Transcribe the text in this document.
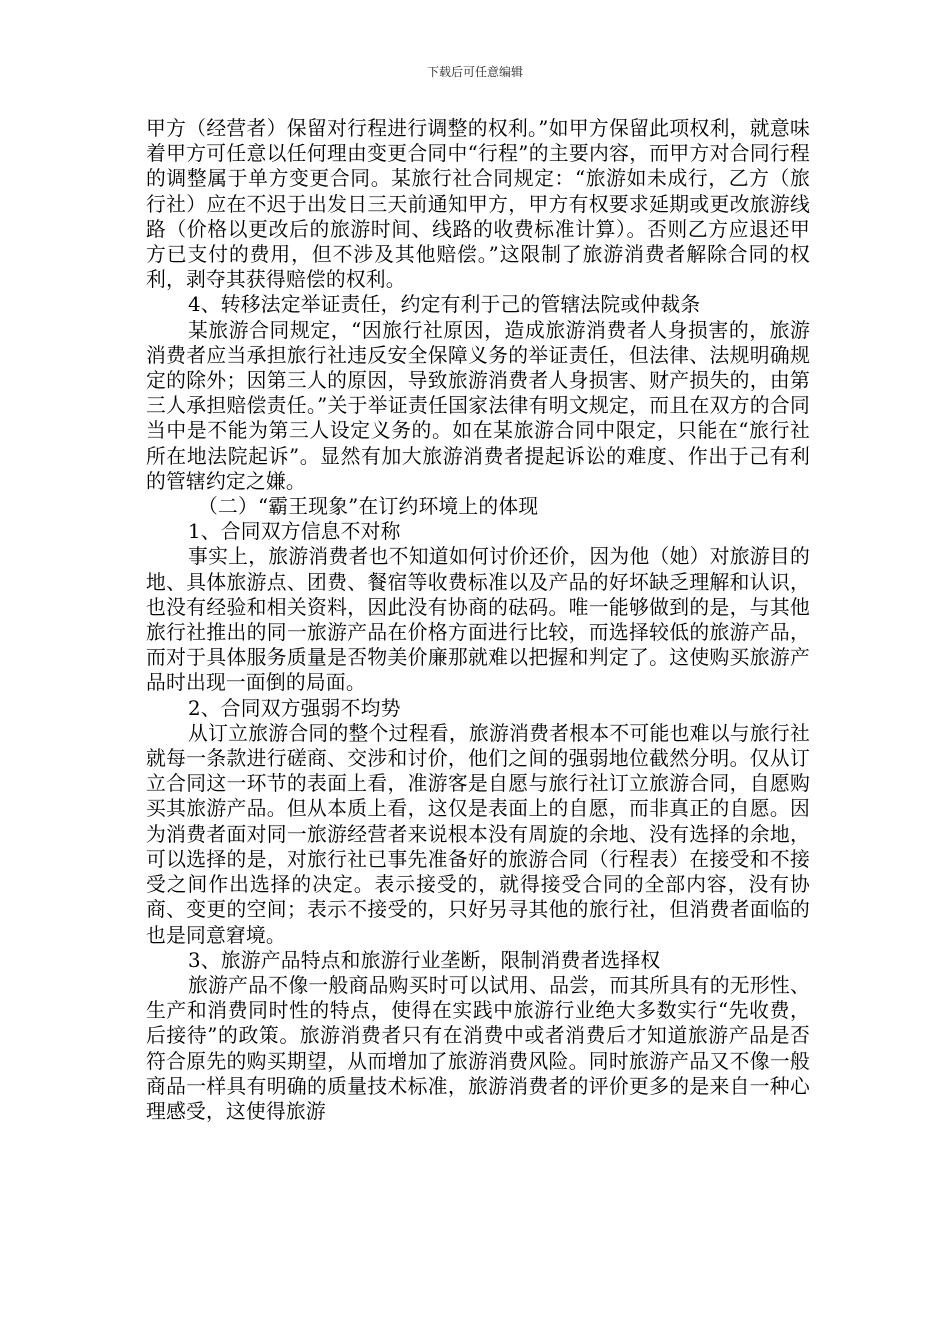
下载后可任意编辑

甲方（经营者）保留对行程进行调整的权利。”如甲方保留此项权利，就意味着甲方可任意以任何理由变更合同中“行程”的主要内容，而甲方对合同行程的调整属于单方变更合同。某旅行社合同规定：“旅游如未成行，乙方（旅行社）应在不迟于出发日三天前通知甲方，甲方有权要求延期或更改旅游线路（价格以更改后的旅游时间、线路的收费标准计算）。否则乙方应退还甲方已支付的费用，但不涉及其他赔偿。”这限制了旅游消费者解除合同的权利，剥夺其获得赔偿的权利。

4、转移法定举证责任，约定有利于己的管辖法院或仲裁条

某旅游合同规定，“因旅行社原因，造成旅游消费者人身损害的，旅游消费者应当承担旅行社违反安全保障义务的举证责任，但法律、法规明确规定的除外；因第三人的原因，导致旅游消费者人身损害、财产损失的，由第三人承担赔偿责任。”关于举证责任国家法律有明文规定，而且在双方的合同当中是不能为第三人设定义务的。如在某旅游合同中限定，只能在“旅行社所在地法院起诉”。显然有加大旅游消费者提起诉讼的难度、作出于己有利的管辖约定之嫌。

（二）“霸王现象”在订约环境上的体现

1、合同双方信息不对称

事实上，旅游消费者也不知道如何讨价还价，因为他（她）对旅游目的地、具体旅游点、团费、餐宿等收费标准以及产品的好坏缺乏理解和认识，也没有经验和相关资料，因此没有协商的砝码。唯一能够做到的是，与其他旅行社推出的同一旅游产品在价格方面进行比较，而选择较低的旅游产品，而对于具体服务质量是否物美价廉那就难以把握和判定了。这使购买旅游产品时出现一面倒的局面。

2、合同双方强弱不均势

从订立旅游合同的整个过程看，旅游消费者根本不可能也难以与旅行社就每一条款进行磋商、交涉和讨价，他们之间的强弱地位截然分明。仅从订立合同这一环节的表面上看，准游客是自愿与旅行社订立旅游合同，自愿购买其旅游产品。但从本质上看，这仅是表面上的自愿，而非真正的自愿。因为消费者面对同一旅游经营者来说根本没有周旋的余地、没有选择的余地，可以选择的是，对旅行社已事先准备好的旅游合同（行程表）在接受和不接受之间作出选择的决定。表示接受的，就得接受合同的全部内容，没有协商、变更的空间；表示不接受的，只好另寻其他的旅行社，但消费者面临的也是同意窘境。

3、旅游产品特点和旅游行业垄断，限制消费者选择权

旅游产品不像一般商品购买时可以试用、品尝，而其所具有的无形性、生产和消费同时性的特点，使得在实践中旅游行业绝大多数实行“先收费，后接待”的政策。旅游消费者只有在消费中或者消费后才知道旅游产品是否符合原先的购买期望，从而增加了旅游消费风险。同时旅游产品又不像一般商品一样具有明确的质量技术标准，旅游消费者的评价更多的是来自一种心理感受，这使得旅游
